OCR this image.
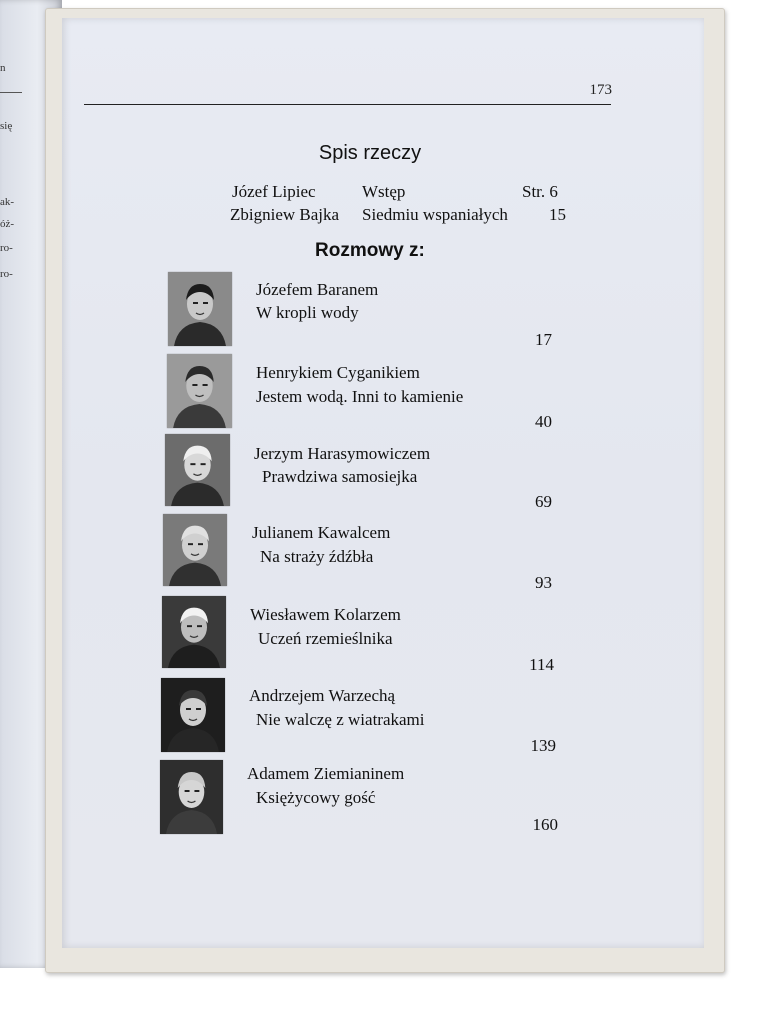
n
się
ak-
óż-
ro-
ro-
173
Spis rzeczy
Józef Lipiec	Wstęp	Str. 6
Zbigniew Bajka Siedmiu wspaniałych 15
Rozmowy z:
Józefem Baranem
W kropli wody
17
Henrykiem Cyganikiem
Jestem wodą. Inni to kamienie
40
Jerzym Harasymowiczem
Prawdziwa samosiejka
69
Julianem Kawalcem
Na straży źdźbła
93
Wiesławem Kolarzem
Uczeń rzemieślnika
114
Andrzejem Warzechą
Nie walczę z wiatrakami
139
Adamem Ziemianinem
Księżycowy gość
160
